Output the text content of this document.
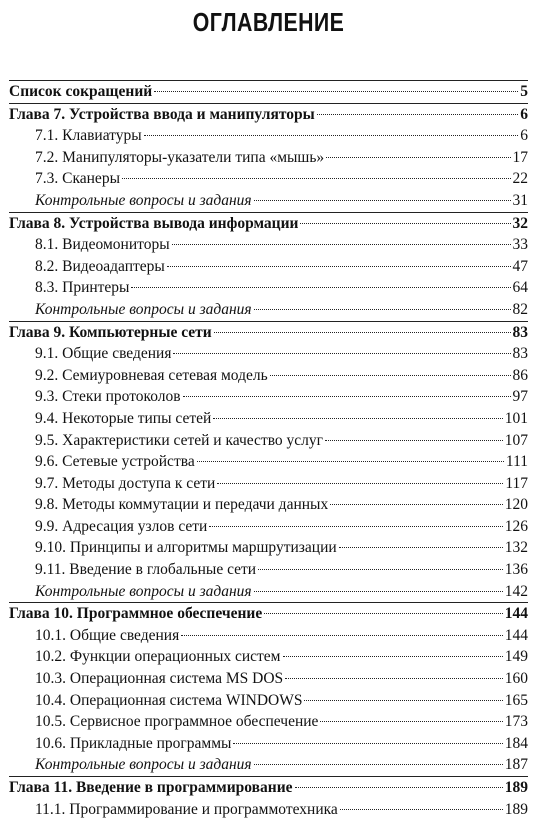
ОГЛАВЛЕНИЕ
Список сокращений	5
Глава 7. Устройства ввода и манипуляторы	6
7.1. Клавиатуры	6
7.2. Манипуляторы-указатели типа «мышь»	17
7.3. Сканеры	22
Контрольные вопросы и задания	31
Глава 8. Устройства вывода информации	32
8.1. Видеомониторы	33
8.2. Видеоадаптеры	47
8.3. Принтеры	64
Контрольные вопросы и задания	82
Глава 9. Компьютерные сети	83
9.1. Общие сведения	83
9.2. Семиуровневая сетевая модель	86
9.3. Стеки протоколов	97
9.4. Некоторые типы сетей	101
9.5. Характеристики сетей и качество услуг	107
9.6. Сетевые устройства	111
9.7. Методы доступа к сети	117
9.8. Методы коммутации и передачи данных	120
9.9. Адресация узлов сети	126
9.10. Принципы и алгоритмы маршрутизации	132
9.11. Введение в глобальные сети	136
Контрольные вопросы и задания	142
Глава 10. Программное обеспечение	144
10.1. Общие сведения	144
10.2. Функции операционных систем	149
10.3. Операционная система MS DOS	160
10.4. Операционная система WINDOWS	165
10.5. Сервисное программное обеспечение	173
10.6. Прикладные программы	184
Контрольные вопросы и задания	187
Глава 11. Введение в программирование	189
11.1. Программирование и программотехника	189
